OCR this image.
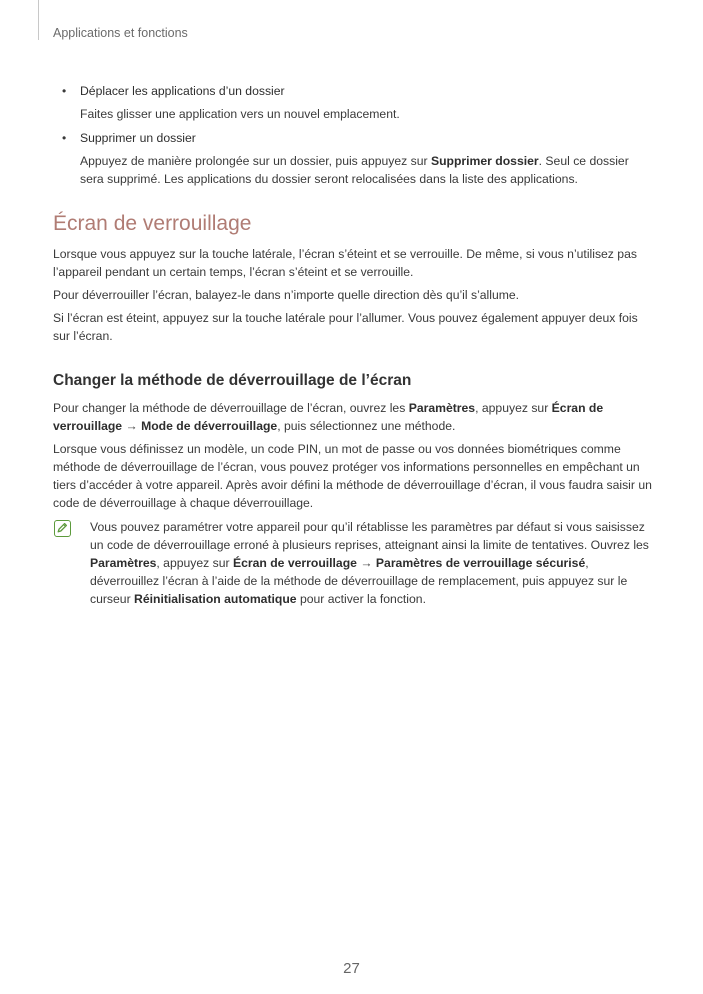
Applications et fonctions
• Déplacer les applications d’un dossier
Faites glisser une application vers un nouvel emplacement.
• Supprimer un dossier
Appuyez de manière prolongée sur un dossier, puis appuyez sur Supprimer dossier. Seul ce dossier sera supprimé. Les applications du dossier seront relocalisées dans la liste des applications.
Écran de verrouillage

Lorsque vous appuyez sur la touche latérale, l’écran s’éteint et se verrouille. De même, si vous n’utilisez pas l’appareil pendant un certain temps, l’écran s’éteint et se verrouille.

Pour déverrouiller l’écran, balayez-le dans n’importe quelle direction dès qu’il s’allume.

Si l’écran est éteint, appuyez sur la touche latérale pour l’allumer. Vous pouvez également appuyer deux fois sur l’écran.

Changer la méthode de déverrouillage de l’écran

Pour changer la méthode de déverrouillage de l’écran, ouvrez les Paramètres, appuyez sur Écran de verrouillage → Mode de déverrouillage, puis sélectionnez une méthode.

Lorsque vous définissez un modèle, un code PIN, un mot de passe ou vos données biométriques comme méthode de déverrouillage de l’écran, vous pouvez protéger vos informations personnelles en empêchant un tiers d’accéder à votre appareil. Après avoir défini la méthode de déverrouillage d’écran, il vous faudra saisir un code de déverrouillage à chaque déverrouillage.

Vous pouvez paramétrer votre appareil pour qu’il rétablisse les paramètres par défaut si vous saisissez un code de déverrouillage erroné à plusieurs reprises, atteignant ainsi la limite de tentatives. Ouvrez les Paramètres, appuyez sur Écran de verrouillage → Paramètres de verrouillage sécurisé, déverrouillez l’écran à l’aide de la méthode de déverrouillage de remplacement, puis appuyez sur le curseur Réinitialisation automatique pour activer la fonction.
27
